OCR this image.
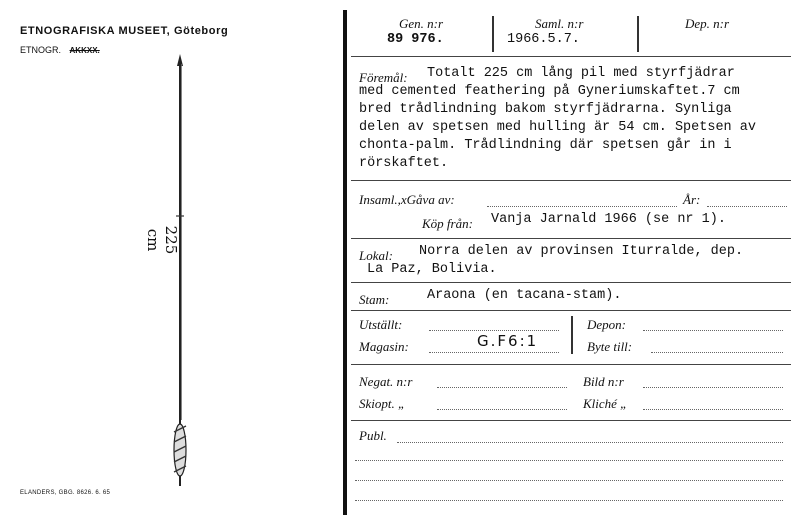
ETNOGRAFISKA MUSEET, Göteborg
ETNOGR. AKKXX.
225 cm
ELANDERS, GBG. 8626. 6. 65
Gen. n:r
89 976.
Saml. n:r
1966.5.7.
Dep. n:r
Föremål: Totalt 225 cm lång pil med styrfjädrar
med cemented feathering på Gyneriumskaftet.7 cm
bred trådlindning bakom styrfjädrarna. Synliga
delen av spetsen med hulling är 54 cm. Spetsen av
chonta-palm. Trådlindning där spetsen går in i
rörskaftet.
Insaml.,xGåva av:	År:
Köp från: Vanja Jarnald 1966 (se nr 1).
Lokal: Norra delen av provinsen Iturralde, dep.
La Paz, Bolivia.
Stam:	Araona (en tacana-stam).
Utställt:
Magasin:	G.F6:1
Depon:
Byte till:
Negat. n:r	Bild n:r
Skiopt. „	Kliché „
Publ.
